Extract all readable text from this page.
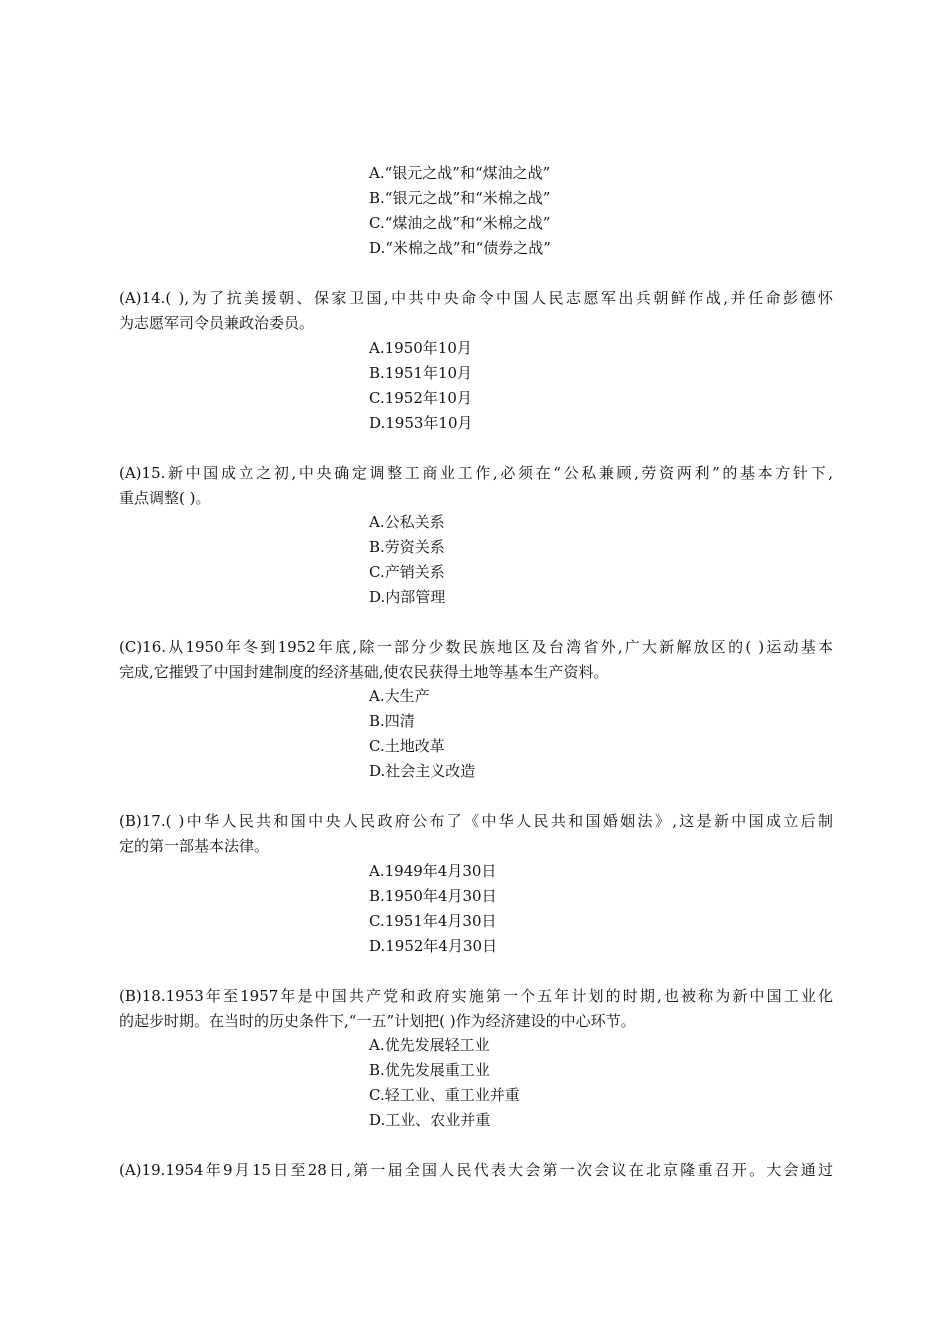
A.“银元之战”和“煤油之战”
B.“银元之战”和“米棉之战”
C.“煤油之战”和“米棉之战”
D.“米棉之战”和“债券之战”
(A)14.( ),为了抗美援朝、保家卫国,中共中央命令中国人民志愿军出兵朝鲜作战,并任命彭德怀
为志愿军司令员兼政治委员。
A.1950年10月
B.1951年10月
C.1952年10月
D.1953年10月
(A)15.新中国成立之初,中央确定调整工商业工作,必须在“公私兼顾,劳资两利”的基本方针下,
重点调整( )。
A.公私关系
B.劳资关系
C.产销关系
D.内部管理
(C)16.从1950年冬到1952年底,除一部分少数民族地区及台湾省外,广大新解放区的( )运动基本
完成,它摧毁了中国封建制度的经济基础,使农民获得土地等基本生产资料。
A.大生产
B.四清
C.土地改革
D.社会主义改造
(B)17.( )中华人民共和国中央人民政府公布了《中华人民共和国婚姻法》,这是新中国成立后制
定的第一部基本法律。
A.1949年4月30日
B.1950年4月30日
C.1951年4月30日
D.1952年4月30日
(B)18.1953年至1957年是中国共产党和政府实施第一个五年计划的时期,也被称为新中国工业化
的起步时期。在当时的历史条件下,“一五”计划把( )作为经济建设的中心环节。
A.优先发展轻工业
B.优先发展重工业
C.轻工业、重工业并重
D.工业、农业并重
(A)19.1954年9月15日至28日,第一届全国人民代表大会第一次会议在北京隆重召开。大会通过
